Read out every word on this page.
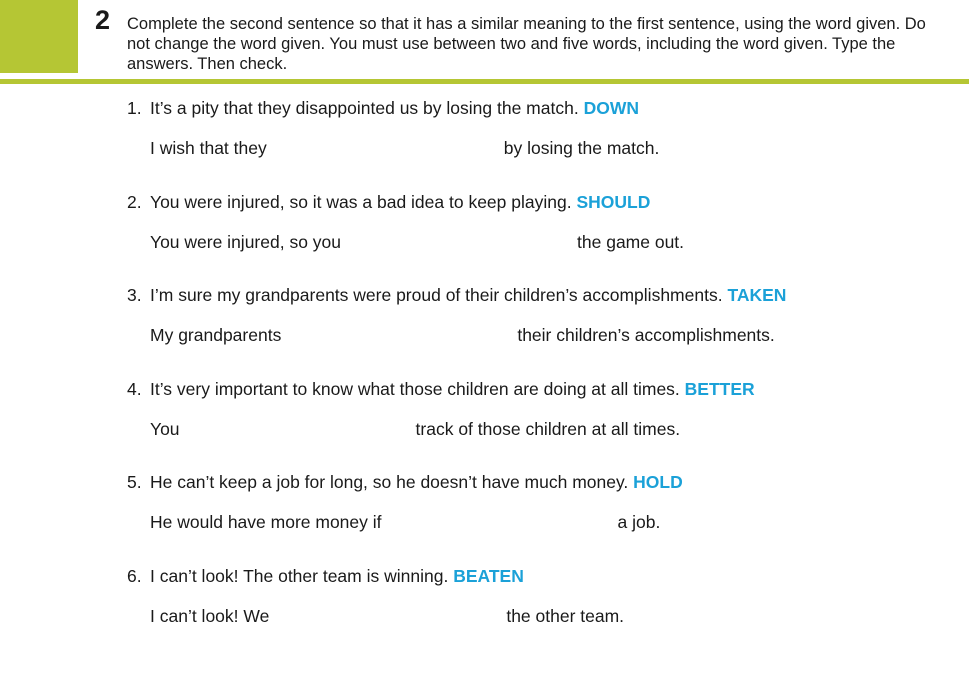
2 Complete the second sentence so that it has a similar meaning to the first sentence, using the word given. Do not change the word given. You must use between two and five words, including the word given. Type the answers. Then check.
1. It’s a pity that they disappointed us by losing the match. DOWN
I wish that they	by losing the match.
2. You were injured, so it was a bad idea to keep playing. SHOULD
You were injured, so you	the game out.
3. I’m sure my grandparents were proud of their children’s accomplishments. TAKEN
My grandparents	their children’s accomplishments.
4. It’s very important to know what those children are doing at all times. BETTER
You	track of those children at all times.
5. He can’t keep a job for long, so he doesn’t have much money. HOLD
He would have more money if	a job.
6. I can’t look! The other team is winning. BEATEN
I can’t look! We	the other team.
